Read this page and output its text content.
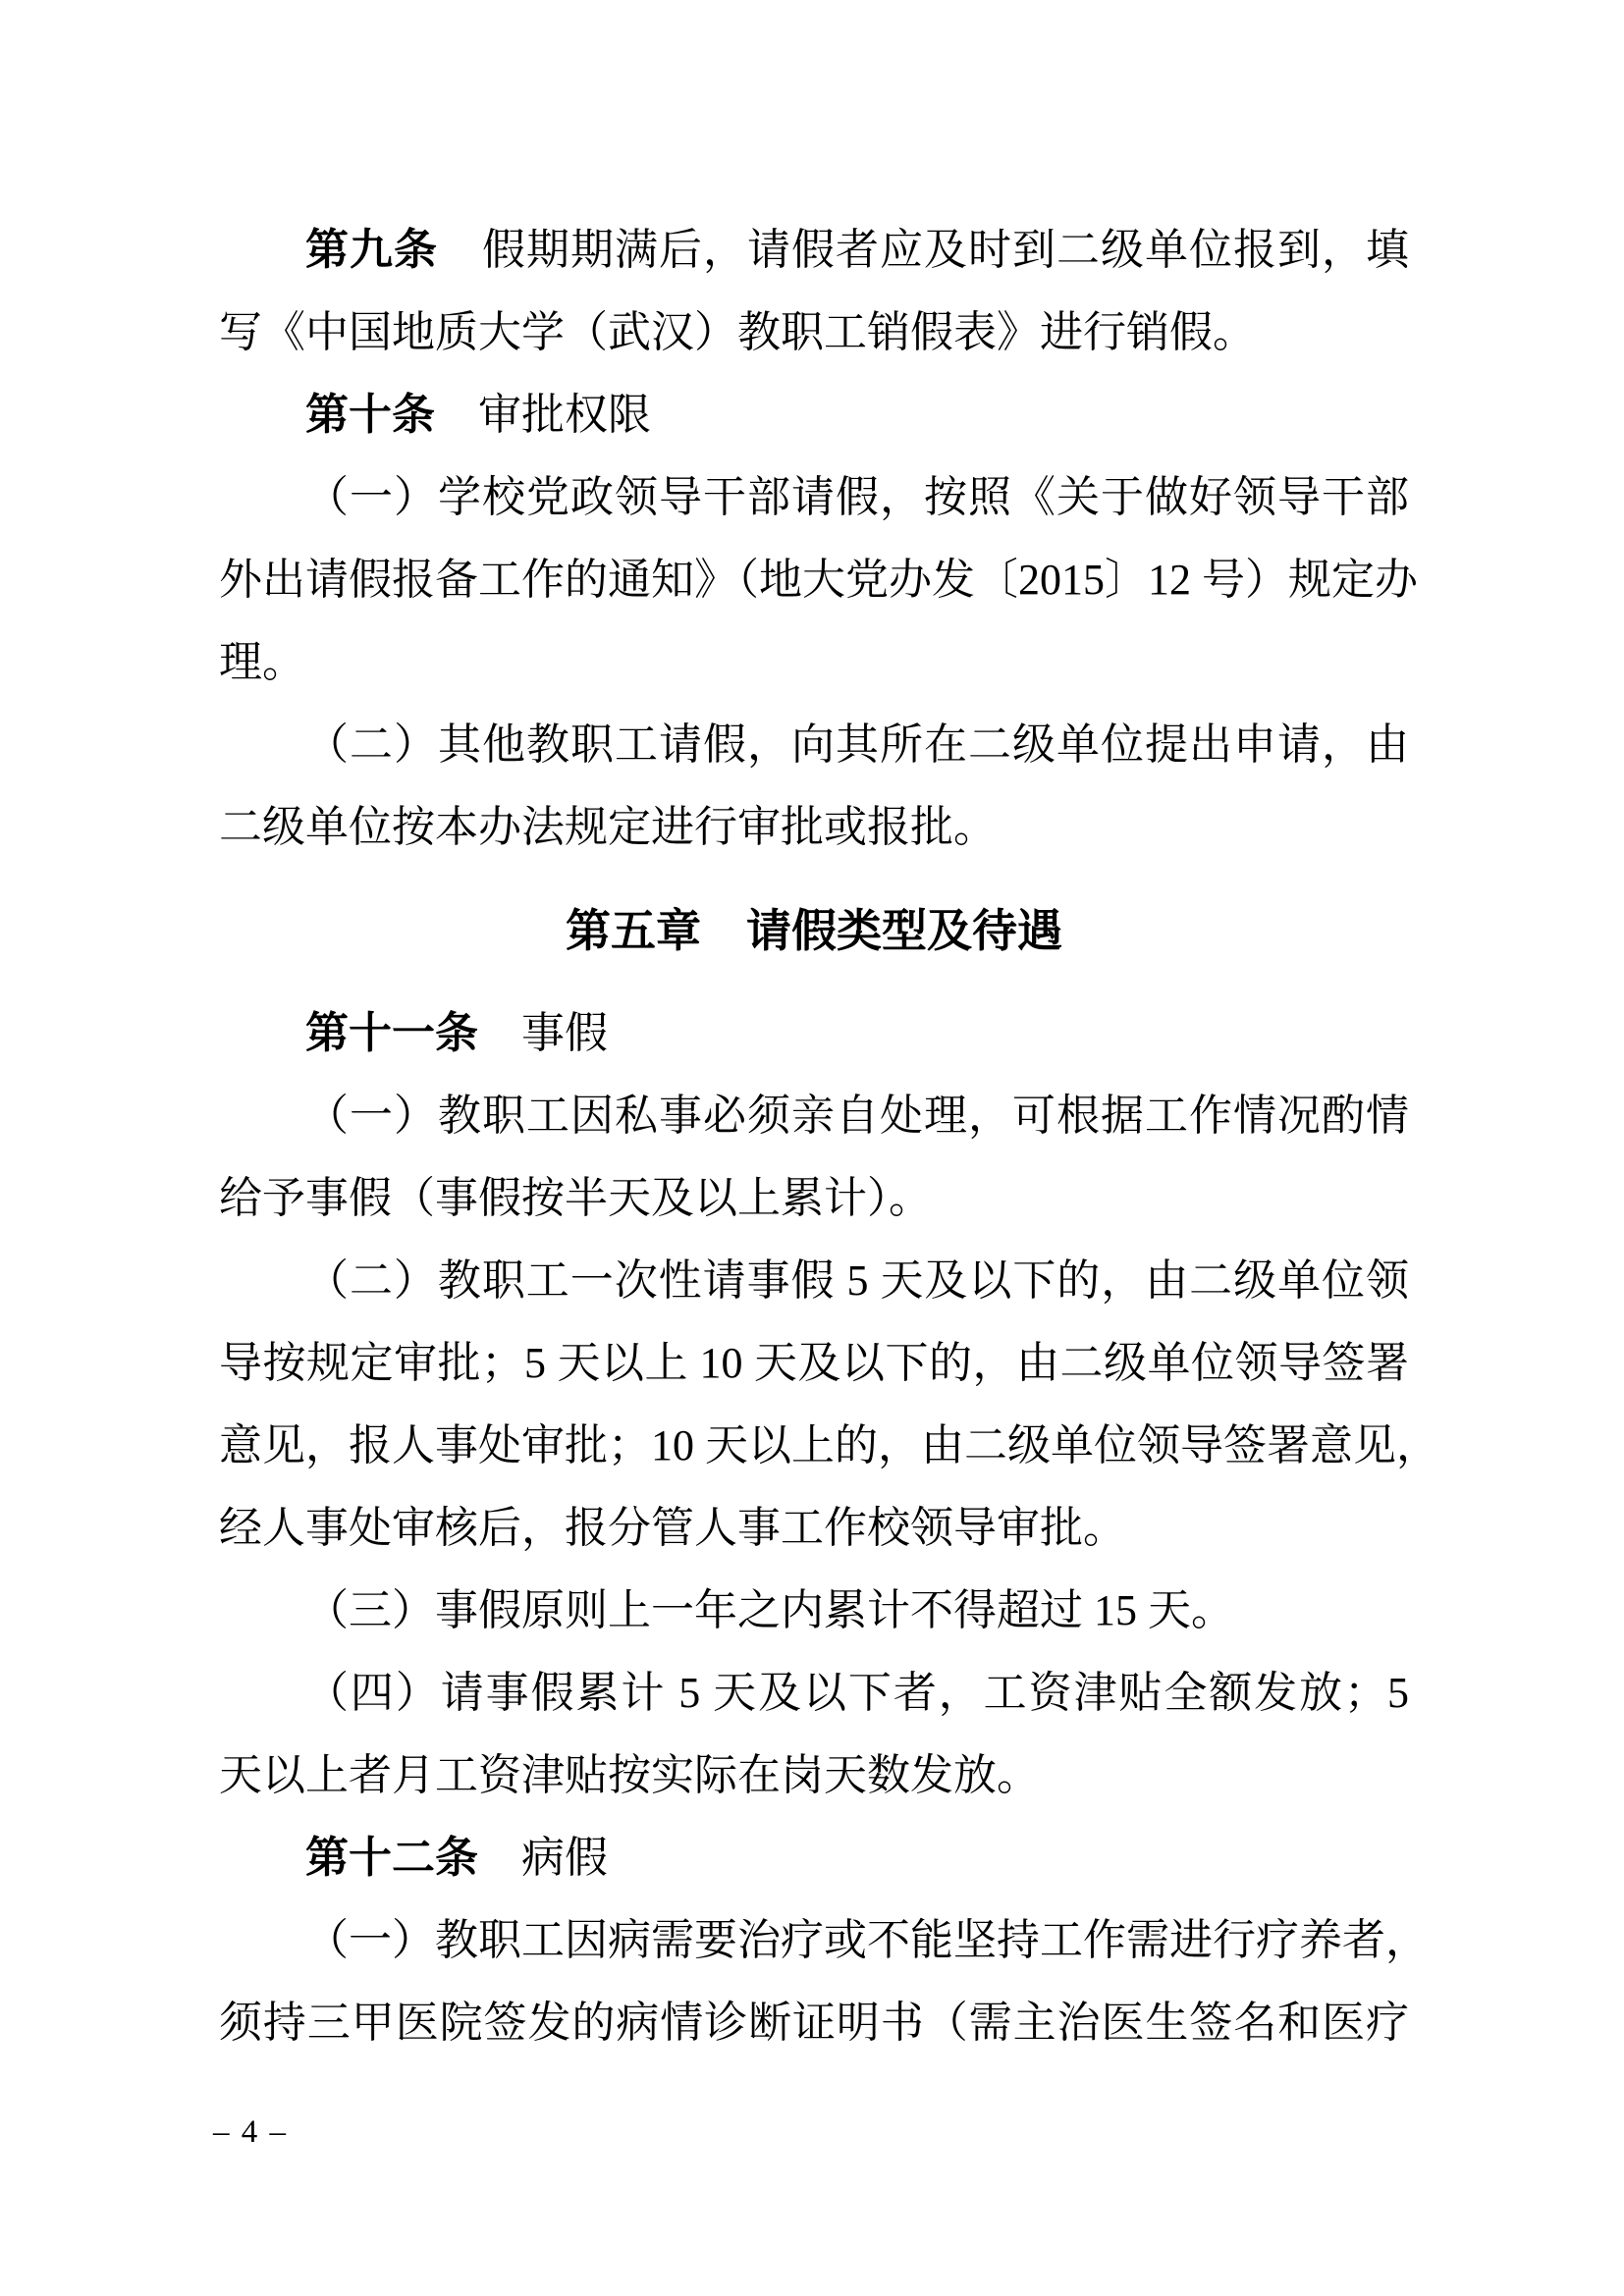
第九条　假期期满后，请假者应及时到二级单位报到，填
写《中国地质大学（武汉）教职工销假表》进行销假。
第十条　审批权限
（一）学校党政领导干部请假，按照《关于做好领导干部
外出请假报备工作的通知》（地大党办发〔2015〕12 号）规定办
理。
（二）其他教职工请假，向其所在二级单位提出申请，由
二级单位按本办法规定进行审批或报批。
第五章　请假类型及待遇
第十一条　事假
（一）教职工因私事必须亲自处理，可根据工作情况酌情
给予事假（事假按半天及以上累计）。
（二）教职工一次性请事假 5 天及以下的，由二级单位领
导按规定审批；5 天以上 10 天及以下的，由二级单位领导签署
意见，报人事处审批；10 天以上的，由二级单位领导签署意见，
经人事处审核后，报分管人事工作校领导审批。
（三）事假原则上一年之内累计不得超过 15 天。
（四）请事假累计 5 天及以下者，工资津贴全额发放；5
天以上者月工资津贴按实际在岗天数发放。
第十二条　病假
（一）教职工因病需要治疗或不能坚持工作需进行疗养者，
须持三甲医院签发的病情诊断证明书（需主治医生签名和医疗
– 4 –
